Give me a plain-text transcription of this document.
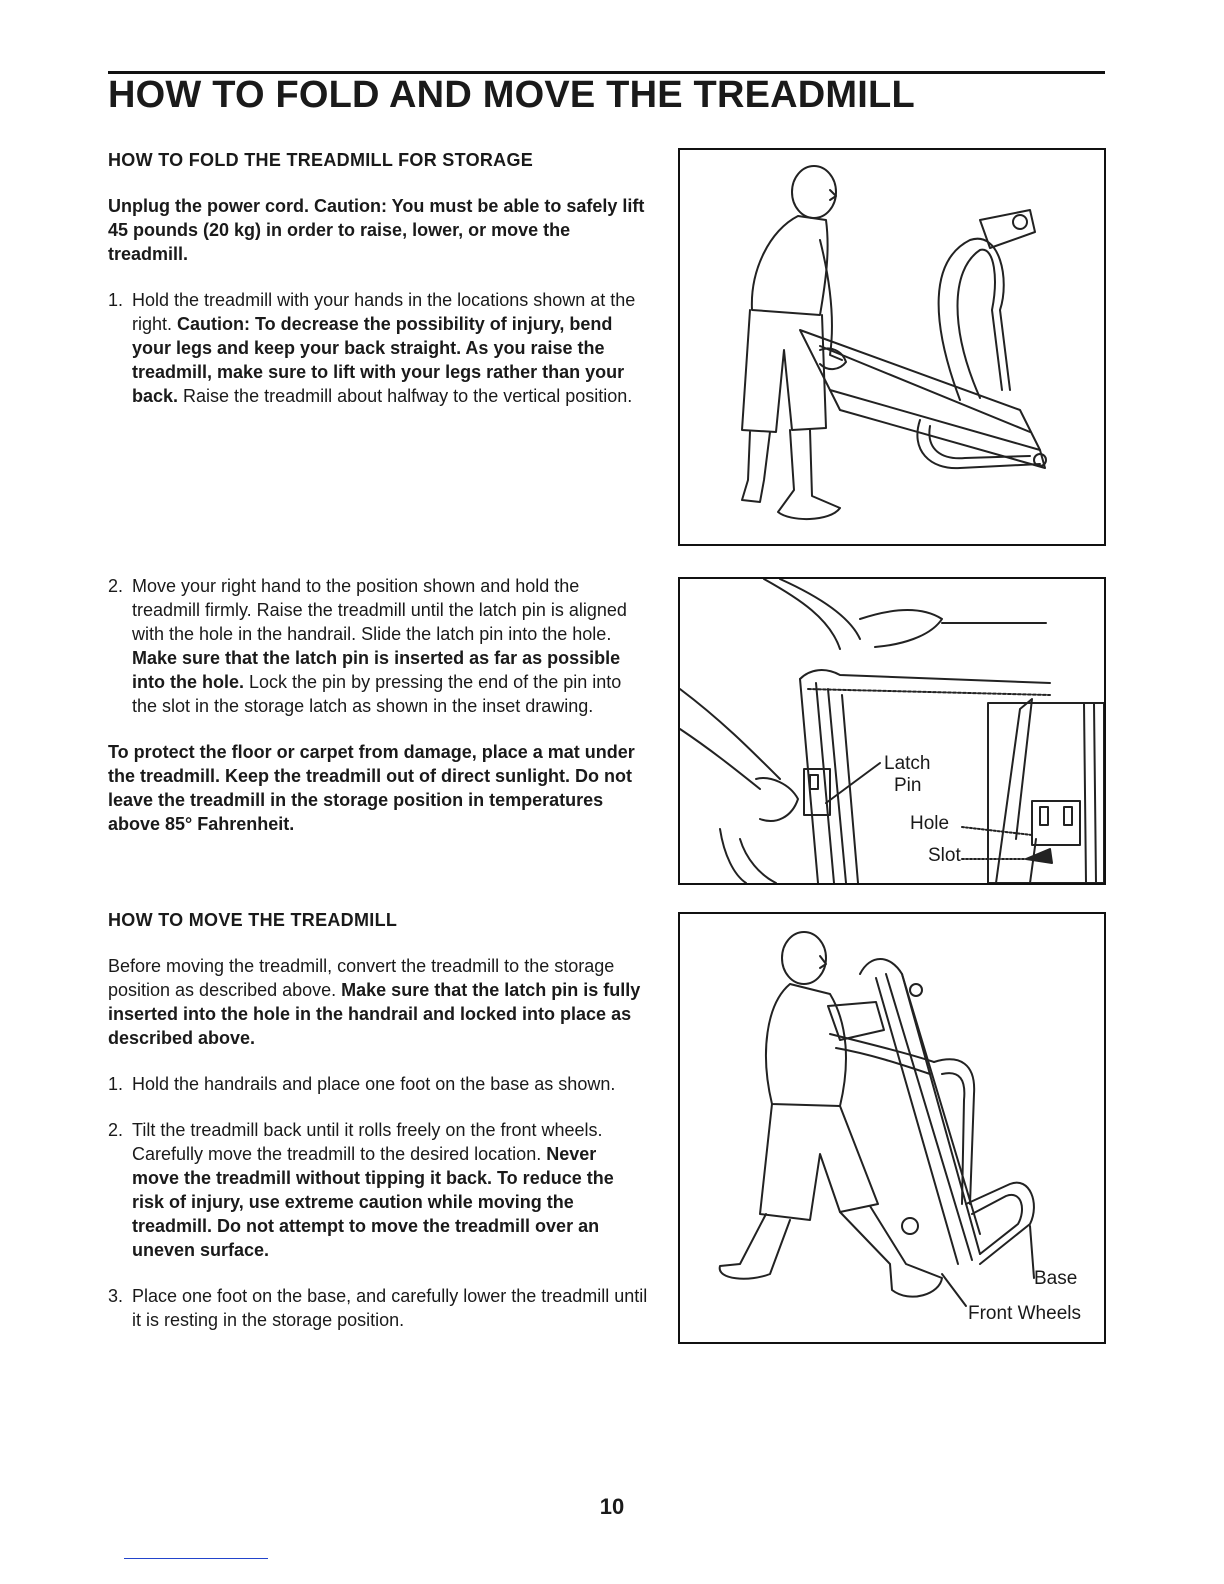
HOW TO FOLD AND MOVE THE TREADMILL
HOW TO FOLD THE TREADMILL FOR STORAGE

Unplug the power cord. Caution: You must be able to safely lift 45 pounds (20 kg) in order to raise, lower, or move the treadmill.

1. Hold the treadmill with your hands in the locations shown at the right. Caution: To decrease the possibility of injury, bend your legs and keep your back straight. As you raise the treadmill, make sure to lift with your legs rather than your back. Raise the treadmill about halfway to the vertical position.
2. Move your right hand to the position shown and hold the treadmill firmly. Raise the treadmill until the latch pin is aligned with the hole in the handrail. Slide the latch pin into the hole. Make sure that the latch pin is inserted as far as possible into the hole. Lock the pin by pressing the end of the pin into the slot in the storage latch as shown in the inset drawing.

To protect the floor or carpet from damage, place a mat under the treadmill. Keep the treadmill out of direct sunlight. Do not leave the treadmill in the storage position in temperatures above 85° Fahrenheit.

HOW TO MOVE THE TREADMILL

Before moving the treadmill, convert the treadmill to the storage position as described above. Make sure that the latch pin is fully inserted into the hole in the handrail and locked into place as described above.

1. Hold the handrails and place one foot on the base as shown.
2. Tilt the treadmill back until it rolls freely on the front wheels. Carefully move the treadmill to the desired location. Never move the treadmill without tipping it back. To reduce the risk of injury, use extreme caution while moving the treadmill. Do not attempt to move the treadmill over an uneven surface.
3. Place one foot on the base, and carefully lower the treadmill until it is resting in the storage position.
Latch
Pin
Hole
Slot
Base
Front Wheels
10
